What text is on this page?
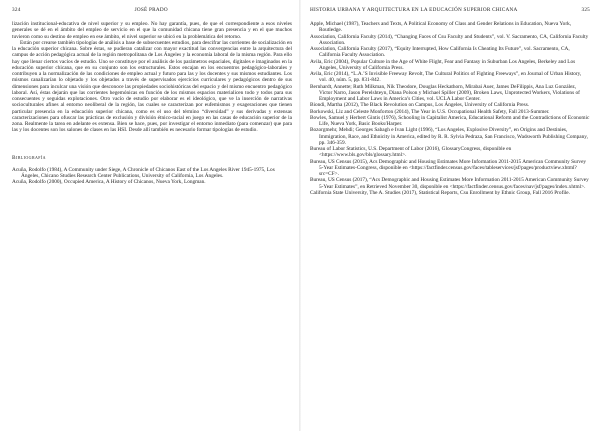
324	JOSÉ PRADO

lización institucional-educativa de nivel superior y su empleo. No hay garantía, pues, de que el correspondiente a esos niveles generales se dé en el ámbito del empleo de servicio en el que la comunidad chicana tiene gran presencia y en el que muchos tuvieron como su destino de empleo en ese ámbito, el nivel superior se ubicó en la problemática del retorno.

Están por crearse también tipologías de análisis a base de subsecuentes estudios, para descifrar las corrientes de socialización en la educación superior chicana. Sobre éstas, se pudieran catalizar con mayor exactitud las convergencias entre la arquitectura del campus de acción pedagógica actual de la región metropolitana de Los Ángeles y la economía laboral de la misma región. Para ello hay que llenar ciertos vacíos de estudio. Uno se constituye por el análisis de los parámetros espaciales, digitales e imaginados en la educación superior chicana, que en su conjunto son los estructurales. Estos encajan en los encuentros pedagógico-laborales y contribuyen a la normalización de las condiciones de empleo actual y futuro para las y los docentes y sus mismos estudiantes. Los mismos canalizarían lo objetado y los objetados a través de supervisados ejercicios curriculares y pedagógicos dentro de sus dimensiones para inculcar una visión que desconoce las propiedades sociohistóricas del espacio y del mismo encuentro pedagógico laboral. Así, éstas dejarán que las corrientes hegemónicas en función de los mismos espacios materialicen todo y todos para sus consecuentes y seguidas explotaciones. Otro vacío de estudio por elaborar es el ideológico, que ve la inserción de narrativas socioculturales afines al entorno neoliberal de la región, las cuales se caracterizan por eufemismos y exageraciones que tienen particular presencia en la educación superior chicana, como es el uso del término “diversidad” y sus derivadas y extensas caracterizaciones para ofuscar las prácticas de exclusión y división étnico-racial en juego en las casas de educación superior de la zona. Realmente la tarea en adelante es extensa. Bien se hace, pues, por investigar el entorno inmediato (para comenzar) que para las y los docentes son los salones de clases en las HSI. Desde allí también es necesario formar tipologías de estudio.

Bibliografía

Acuña, Rodolfo (1984), A Community under Siege, A Chronicle of Chicanos East of the Los Angeles River 1945-1975, Los Ángeles, Chicano Studies Research Center Publications, University of California, Los Ángeles.

Acuña, Rodolfo (2000), Occupied America, A History of Chicanos, Nueva York, Longman.

HISTORIA URBANA Y ARQUITECTURA EN LA EDUCACIÓN SUPERIOR CHICANA	325

Apple, Michael (1987), Teachers and Texts, A Political Economy of Class and Gender Relations in Education, Nueva York, Routledge.

Association, California Faculty (2014), “Changing Faces of Csu Faculty and Students”, vol. V. Sacramento, CA, California Faculty Association.

Association, California Faculty (2017), “Equity Interrupted, How California Is Cheating Its Future”, vol. Sacramento, CA, California Faculty Association.

Avila, Eric (2004), Popular Culture in the Age of White Flight, Fear and Fantasy in Suburban Los Angeles, Berkeley and Los Angeles, University of California Press.

Avila, Eric (2014), “L.A.’S Invisible Freeway Revolt, The Cultural Politics of Fighting Freeways”, en Journal of Urban History, vol. 40, núm. 5, pp. 831-842.

Bernhardt, Annette; Ruth Milkman, Nik Theodore, Douglas Heckathorn, Mirabai Auer, James DeFilippis, Ana Luz González, Victor Narro, Jason Perelshteyn, Diana Polson y Michael Spiller (2009), Broken Laws, Unprotected Workers, Violations of Employment and Labor Laws in America’s Cities, vol. UCLA Labor Center.

Biondi, Martha (2012), The Black Revolution on Campus, Los Ángeles, University of California Press.

Borkowski, Liz and Celeste Monforton (2014), The Year in U.S. Occupational Health Safety, Fall 2013-Summer.

Bowles, Samuel y Herbert Gintis (1976), Schooling in Capitalist America, Educational Reform and the Contradictions of Economic Life, Nueva York, Basic Books/Harper.

Bozorgmehr, Mehdi; Georges Sabagh e Ivan Light (1996), “Los Angeles, Explosive Diversity”, en Origins and Destinies, Immigration, Race, and Ethnicity in America, edited by R. R. Sylvia Pedraza, San Francisco, Wadsworth Publishing Company, pp. 346-359.

Bureau of Labor Statistics, U.S. Department of Labor (2016), GlossaryCongress, disponible en <https://www.bls.gov/bls/glossary.html>.

Bureau, US Census (2015), Acs Demographic and Housing Estimates More Information 2011-2015 American Community Survey 5-Year Estimates-Congress, disponible en <https://factfinder.census.gov/faces/tableservices/jsf/pages/productview.xhtml?src=CF>.

Bureau, US Census (2017), “Acs Demographic and Housing Estimates More Information 2011-2015 American Community Survey 5-Year Estimates”, en Retrieved November 30, disponible en <https://factfinder.census.gov/faces/nav/jsf/pages/index.xhtml>.

California State University, The A. Studies (2017), Statistical Reports, Csu Enrollment by Ethnic Group, Fall 2016 Profile.
